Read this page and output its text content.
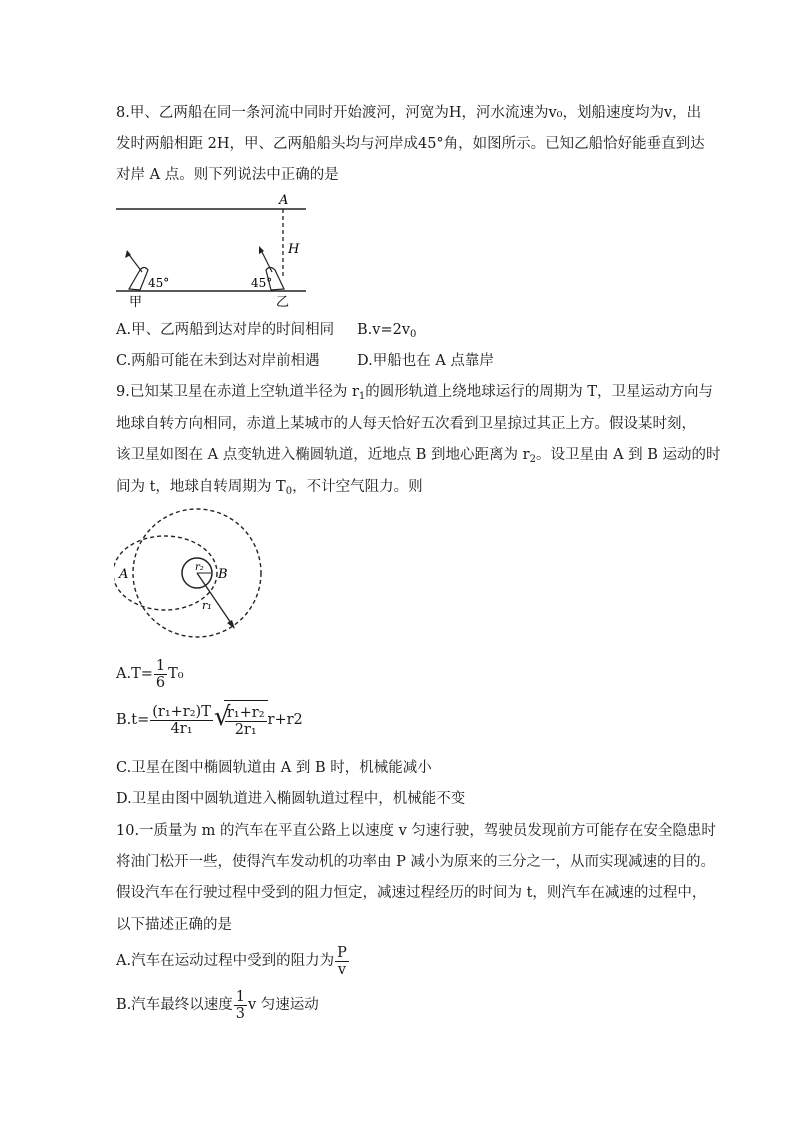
8.甲、乙两船在同一条河流中同时开始渡河，河宽为H，河水流速为v₀，划船速度均为v，出
发时两船相距 2H，甲、乙两船船头均与河岸成45°角，如图所示。已知乙船恰好能垂直到达
对岸 A 点。则下列说法中正确的是
A
H
45°	45°
甲	乙
A.甲、乙两船到达对岸的时间相同 $B.v=2v_0$
C.两船可能在未到达对岸前相遇	D.甲船也在 A 点靠岸
9.已知某卫星在赤道上空轨道半径为 $r_1$的圆形轨道上绕地球运行的周期为 T，卫星运动方向与
地球自转方向相同，赤道上某城市的人每天恰好五次看到卫星掠过其正上方。假设某时刻，
该卫星如图在 A 点变轨进入椭圆轨道，近地点 B 到地心距离为 $r_2$。设卫星由 A 到 B 运动的时
间为 t，地球自转周期为 $T_0$，不计空气阻力。则
A	B
r₂
r₁
$A.T= \frac{1}{6} T_0$
$B.t= \frac{\text{(r₁+r₂)T}}{\text{4r₁}}$ √
$\frac{\text{r₁+r₂}}{\text{2r₁}} r+r2$
C.卫星在图中椭圆轨道由 A 到 B 时，机械能减小
D.卫星由图中圆轨道进入椭圆轨道过程中，机械能不变
10.一质量为 m 的汽车在平直公路上以速度 v 匀速行驶，驾驶员发现前方可能存在安全隐患时
将油门松开一些，使得汽车发动机的功率由 P 减小为原来的三分之一，从而实现减速的目的。
假设汽车在行驶过程中受到的阻力恒定，减速过程经历的时间为 t，则汽车在减速的过程中，
以下描述正确的是
A.汽车在运动过程中受到的阻力为 $\frac{P}{v}$
B.汽车最终以速度 $\frac{1}{3}$ v 匀速运动
